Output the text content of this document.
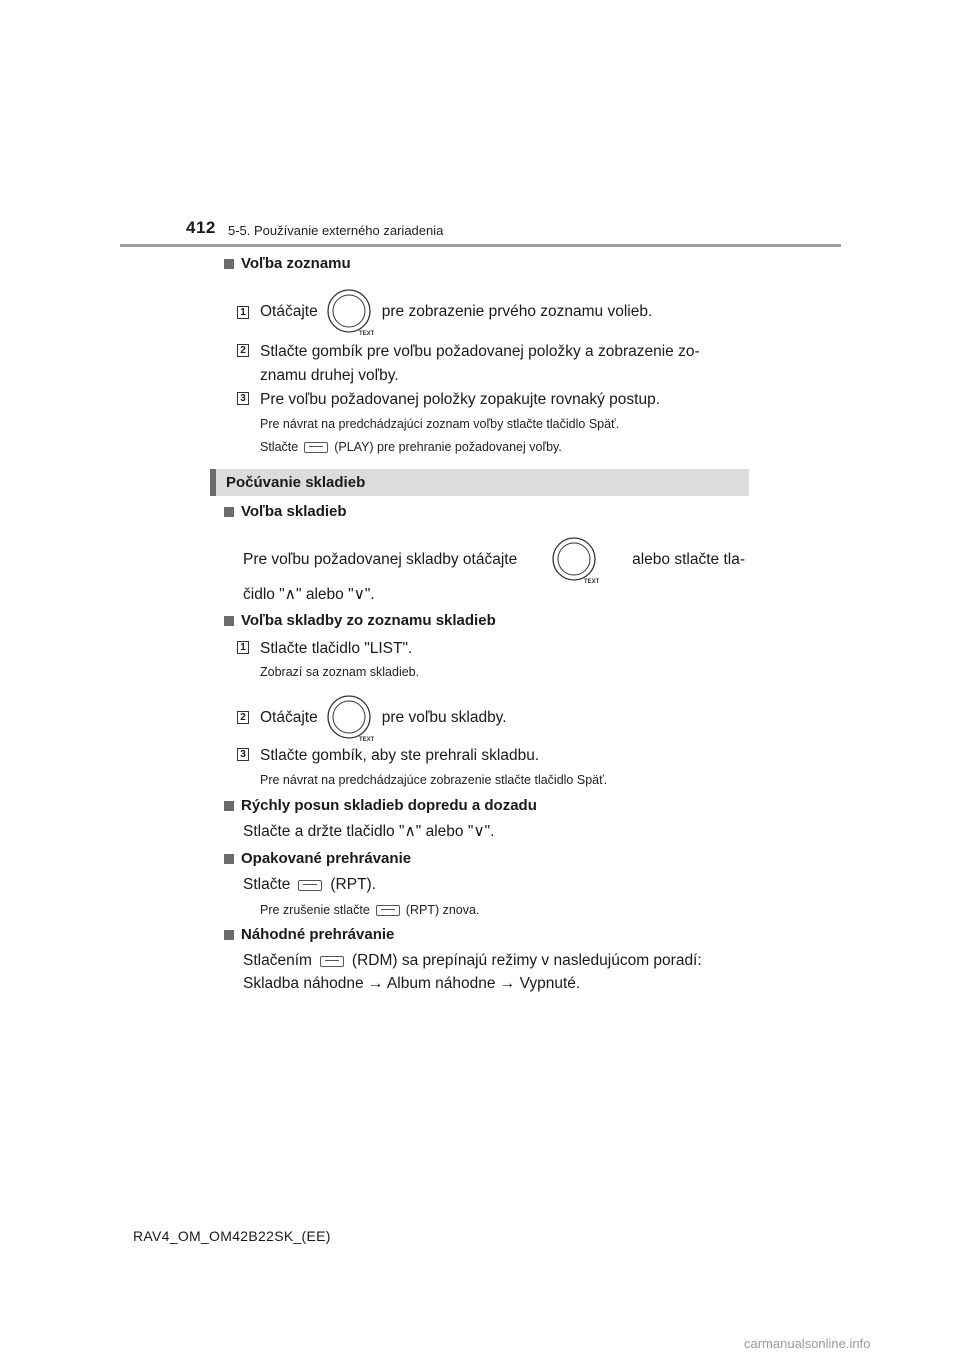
412 5-5. Používanie externého zariadenia
Voľba zoznamu
1 Otáčajte
TEXT
pre zobrazenie prvého zoznamu volieb.
2 Stlačte gombík pre voľbu požadovanej položky a zobrazenie zo-
znamu druhej voľby.
3 Pre voľbu požadovanej položky zopakujte rovnaký postup.
Pre návrat na predchádzajúci zoznam voľby stlačte tlačidlo Späť.
Stlačte	(PLAY) pre prehranie požadovanej voľby.
Počúvanie skladieb
Voľba skladieb
Pre voľbu požadovanej skladby otáčajte
TEXT
alebo stlačte tla-
čidlo "∧" alebo "∨".
Voľba skladby zo zoznamu skladieb
1 Stlačte tlačidlo "LIST".
Zobrazí sa zoznam skladieb.
2 Otáčajte
TEXT
pre voľbu skladby.
3 Stlačte gombík, aby ste prehrali skladbu.
Pre návrat na predchádzajúce zobrazenie stlačte tlačidlo Späť.
Rýchly posun skladieb dopredu a dozadu
Stlačte a držte tlačidlo "∧" alebo "∨".
Opakované prehrávanie
Stlačte	(RPT).
Pre zrušenie stlačte	(RPT) znova.
Náhodné prehrávanie
Stlačením	(RDM) sa prepínajú režimy v nasledujúcom poradí:
Skladba náhodne → Album náhodne → Vypnuté.
RAV4_OM_OM42B22SK_(EE)
carmanualsonline.info
